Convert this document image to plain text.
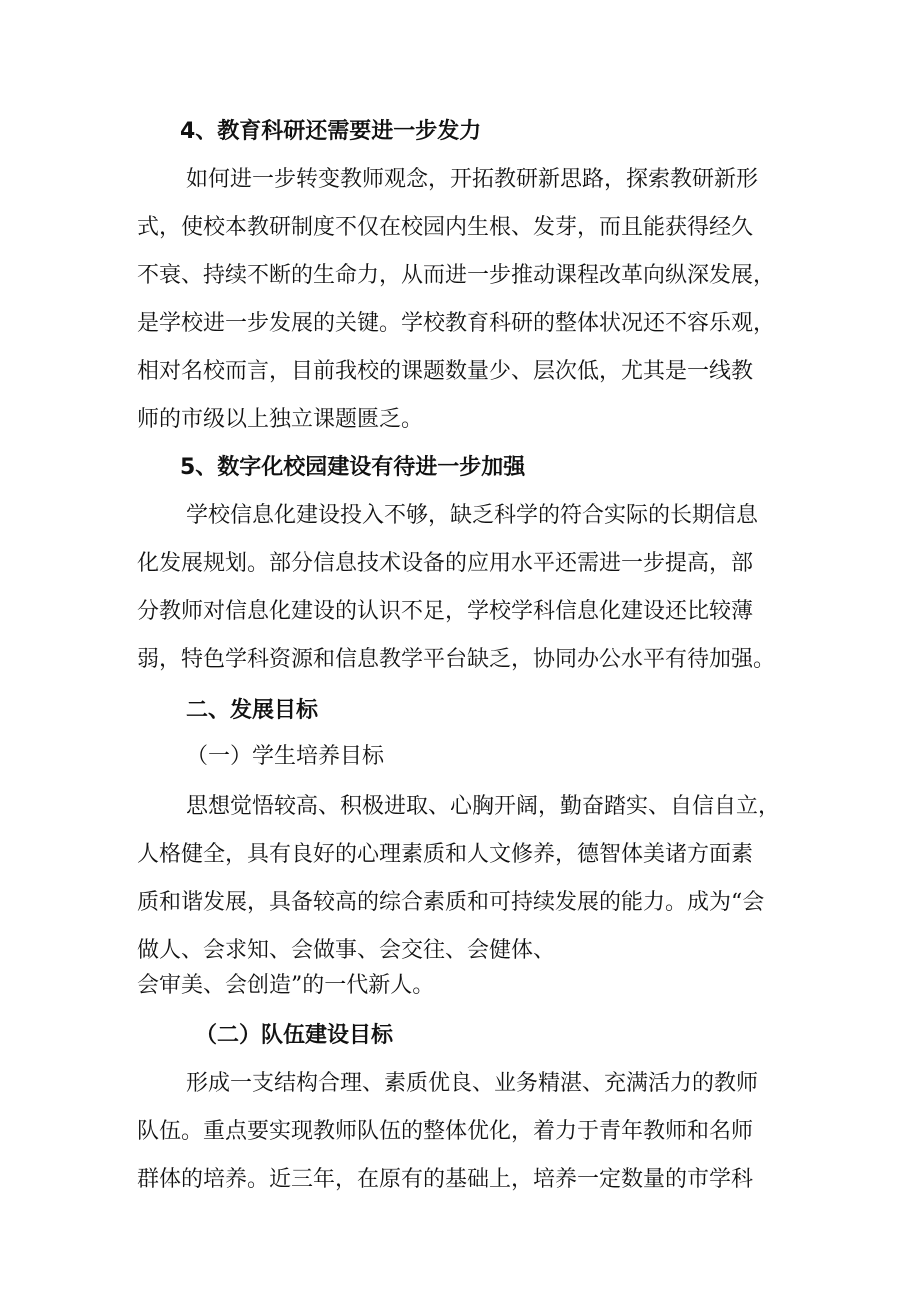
4、教育科研还需要进一步发力
如何进一步转变教师观念，开拓教研新思路，探索教研新形
式，使校本教研制度不仅在校园内生根、发芽，而且能获得经久
不衰、持续不断的生命力，从而进一步推动课程改革向纵深发展，
是学校进一步发展的关键。学校教育科研的整体状况还不容乐观，
相对名校而言，目前我校的课题数量少、层次低，尤其是一线教
师的市级以上独立课题匮乏。
5、数字化校园建设有待进一步加强
学校信息化建设投入不够，缺乏科学的符合实际的长期信息
化发展规划。部分信息技术设备的应用水平还需进一步提高，部
分教师对信息化建设的认识不足，学校学科信息化建设还比较薄
弱，特色学科资源和信息教学平台缺乏，协同办公水平有待加强。
二、发展目标
（一）学生培养目标
思想觉悟较高、积极进取、心胸开阔，勤奋踏实、自信自立，
人格健全，具有良好的心理素质和人文修养，德智体美诸方面素
质和谐发展，具备较高的综合素质和可持续发展的能力。成为“会
做人、会求知、会做事、会交往、会健体、
会审美、会创造”的一代新人。
（二）队伍建设目标
形成一支结构合理、素质优良、业务精湛、充满活力的教师
队伍。重点要实现教师队伍的整体优化，着力于青年教师和名师
群体的培养。近三年，在原有的基础上，培养一定数量的市学科
